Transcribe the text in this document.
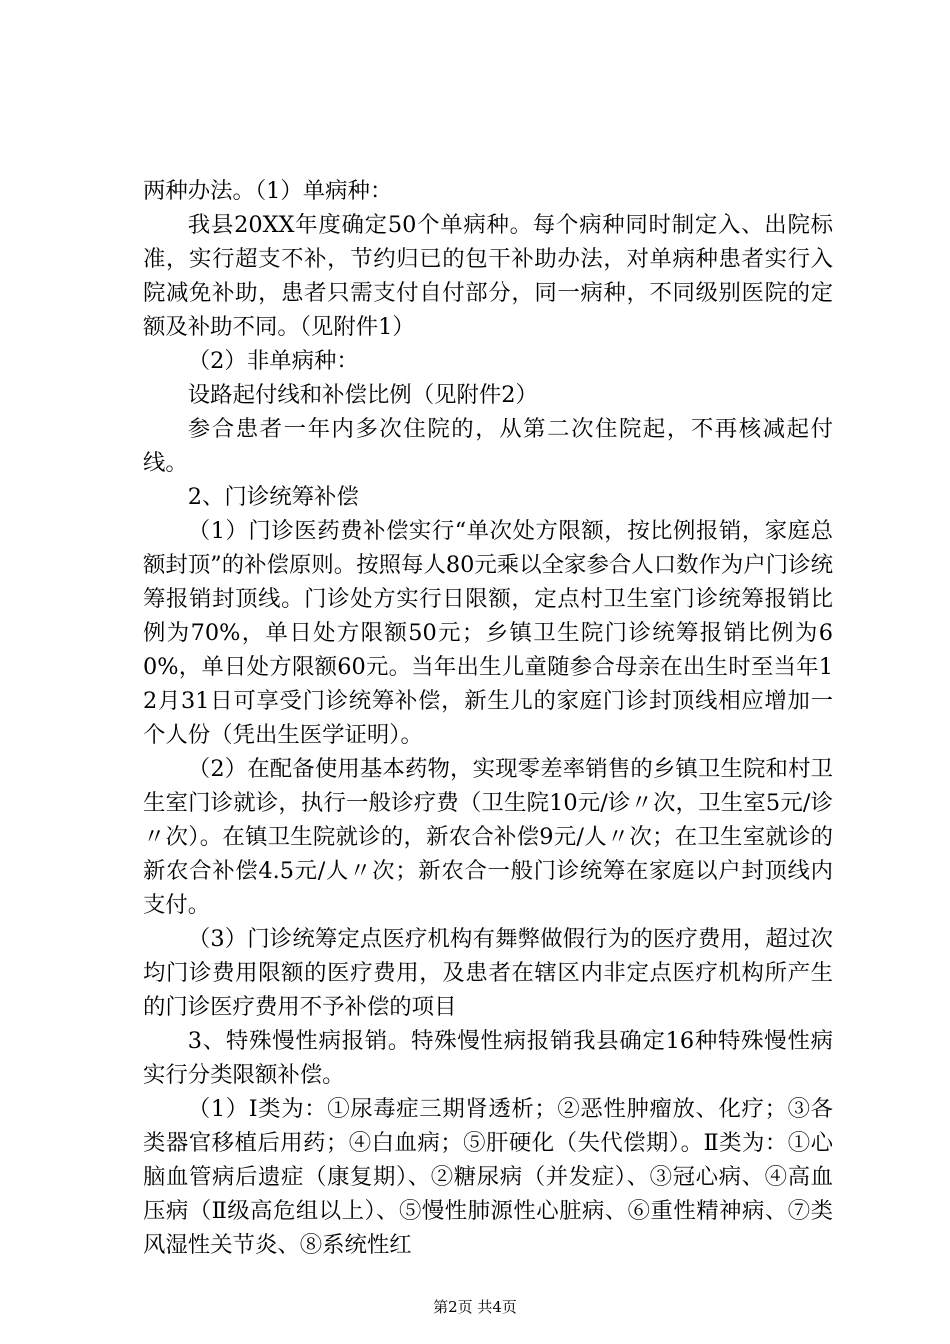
两种办法。（1）单病种：

我县20XX年度确定50个单病种。每个病种同时制定入、出院标准，实行超支不补，节约归已的包干补助办法，对单病种患者实行入院减免补助，患者只需支付自付部分，同一病种，不同级别医院的定额及补助不同。（见附件1）

（2）非单病种：

设路起付线和补偿比例（见附件2）

参合患者一年内多次住院的，从第二次住院起，不再核减起付线。

2、门诊统筹补偿

（1）门诊医药费补偿实行“单次处方限额，按比例报销，家庭总额封顶”的补偿原则。按照每人80元乘以全家参合人口数作为户门诊统筹报销封顶线。门诊处方实行日限额，定点村卫生室门诊统筹报销比例为70%，单日处方限额50元；乡镇卫生院门诊统筹报销比例为60%，单日处方限额60元。当年出生儿童随参合母亲在出生时至当年12月31日可享受门诊统筹补偿，新生儿的家庭门诊封顶线相应增加一个人份（凭出生医学证明）。

（2）在配备使用基本药物，实现零差率销售的乡镇卫生院和村卫生室门诊就诊，执行一般诊疗费（卫生院10元/诊〃次，卫生室5元/诊〃次）。在镇卫生院就诊的，新农合补偿9元/人〃次；在卫生室就诊的新农合补偿4.5元/人〃次；新农合一般门诊统筹在家庭以户封顶线内支付。

（3）门诊统筹定点医疗机构有舞弊做假行为的医疗费用，超过次均门诊费用限额的医疗费用，及患者在辖区内非定点医疗机构所产生的门诊医疗费用不予补偿的项目

3、特殊慢性病报销。特殊慢性病报销我县确定16种特殊慢性病实行分类限额补偿。

（1）Ⅰ类为：①尿毒症三期肾透析；②恶性肿瘤放、化疗；③各类器官移植后用药；④白血病；⑤肝硬化（失代偿期）。Ⅱ类为：①心脑血管病后遗症（康复期）、②糖尿病（并发症）、③冠心病、④高血压病（Ⅱ级高危组以上）、⑤慢性肺源性心脏病、⑥重性精神病、⑦类风湿性关节炎、⑧系统性红

第2页 共4页
